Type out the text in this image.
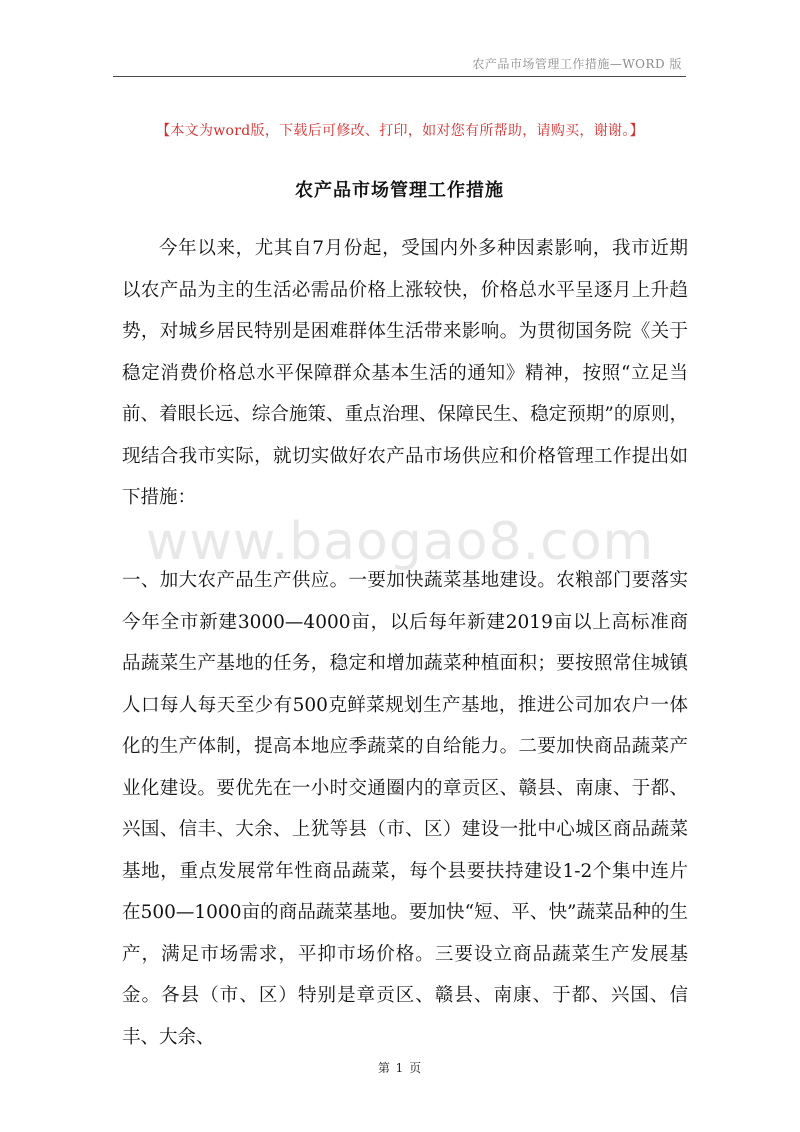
农产品市场管理工作措施—WORD 版
【本文为word版，下载后可修改、打印，如对您有所帮助，请购买，谢谢。】
农产品市场管理工作措施
今年以来，尤其自7月份起，受国内外多种因素影响，我市近期以农产品为主的生活必需品价格上涨较快，价格总水平呈逐月上升趋势，对城乡居民特别是困难群体生活带来影响。为贯彻国务院《关于稳定消费价格总水平保障群众基本生活的通知》精神，按照“立足当前、着眼长远、综合施策、重点治理、保障民生、稳定预期”的原则，现结合我市实际，就切实做好农产品市场供应和价格管理工作提出如下措施：
www.baogao8.com
一、加大农产品生产供应。一要加快蔬菜基地建设。农粮部门要落实今年全市新建3000—4000亩，以后每年新建2019亩以上高标准商品蔬菜生产基地的任务，稳定和增加蔬菜种植面积；要按照常住城镇人口每人每天至少有500克鲜菜规划生产基地，推进公司加农户一体化的生产体制，提高本地应季蔬菜的自给能力。二要加快商品蔬菜产业化建设。要优先在一小时交通圈内的章贡区、赣县、南康、于都、兴国、信丰、大余、上犹等县（市、区）建设一批中心城区商品蔬菜基地，重点发展常年性商品蔬菜，每个县要扶持建设1-2个集中连片在500—1000亩的商品蔬菜基地。要加快“短、平、快”蔬菜品种的生产，满足市场需求，平抑市场价格。三要设立商品蔬菜生产发展基金。各县（市、区）特别是章贡区、赣县、南康、于都、兴国、信丰、大余、
第 1 页
